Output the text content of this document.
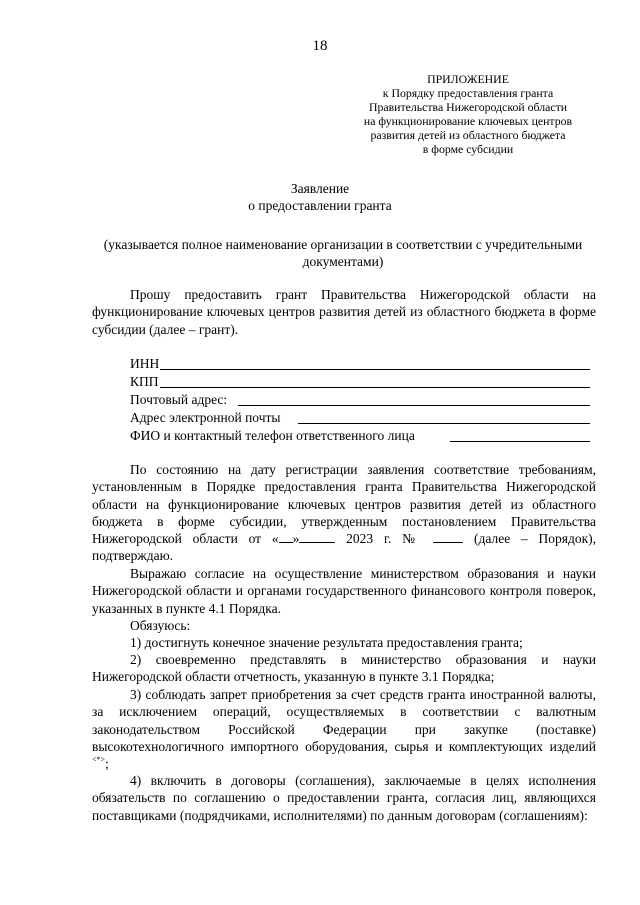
18
ПРИЛОЖЕНИЕ
к Порядку предоставления гранта
Правительства Нижегородской области
на функционирование ключевых центров
развития детей из областного бюджета
в форме субсидии
Заявление
о предоставлении гранта
(указывается полное наименование организации в соответствии с учредительными документами)

Прошу предоставить грант Правительства Нижегородской области на функционирование ключевых центров развития детей из областного бюджета в форме субсидии (далее – грант).

ИНН
КПП
Почтовый адрес:
Адрес электронной почты
ФИО и контактный телефон ответственного лица

По состоянию на дату регистрации заявления соответствие требованиям, установленным в Порядке предоставления гранта Правительства Нижегородской области на функционирование ключевых центров развития детей из областного бюджета в форме субсидии, утвержденным постановлением Правительства Нижегородской области от « »	2023 г. №	(далее – Порядок), подтверждаю.

Выражаю согласие на осуществление министерством образования и науки Нижегородской области и органами государственного финансового контроля поверок, указанных в пункте 4.1 Порядка.

Обязуюсь:

1) достигнуть конечное значение результата предоставления гранта;

2) своевременно представлять в министерство образования и науки Нижегородской области отчетность, указанную в пункте 3.1 Порядка;

3) соблюдать запрет приобретения за счет средств гранта иностранной валюты, за исключением операций, осуществляемых в соответствии с валютным законодательством Российской Федерации при закупке (поставке) высокотехнологичного импортного оборудования, сырья и комплектующих изделий <*>;

4) включить в договоры (соглашения), заключаемые в целях исполнения обязательств по соглашению о предоставлении гранта, согласия лиц, являющихся поставщиками (подрядчиками, исполнителями) по данным договорам (соглашениям):
